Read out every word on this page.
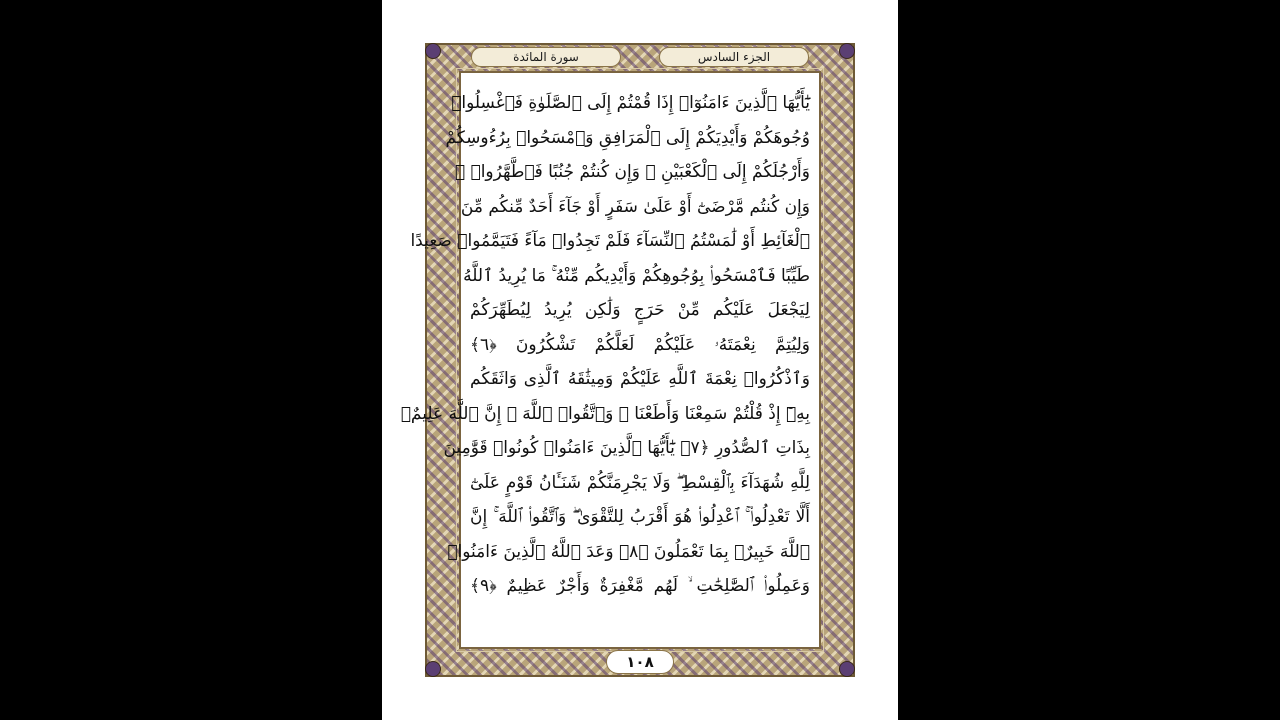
الجزء السادس
سورة المائدة
يَٰٓأَيُّهَا ٱلَّذِينَ ءَامَنُوٓا۟ إِذَا قُمْتُمْ إِلَى ٱلصَّلَوٰةِ فَٱغْسِلُوا۟
وُجُوهَكُمْ وَأَيْدِيَكُمْ إِلَى ٱلْمَرَافِقِ وَٱمْسَحُوا۟ بِرُءُوسِكُمْ
وَأَرْجُلَكُمْ إِلَى ٱلْكَعْبَيْنِ ۚ وَإِن كُنتُمْ جُنُبًا فَٱطَّهَّرُوا۟ ۚ
وَإِن كُنتُم مَّرْضَىٰٓ أَوْ عَلَىٰ سَفَرٍ أَوْ جَآءَ أَحَدٌ مِّنكُم مِّنَ
ٱلْغَآئِطِ أَوْ لَٰمَسْتُمُ ٱلنِّسَآءَ فَلَمْ تَجِدُوا۟ مَآءً فَتَيَمَّمُوا۟ صَعِيدًا
طَيِّبًا فَٱمْسَحُوا۟ بِوُجُوهِكُمْ وَأَيْدِيكُم مِّنْهُ ۚ مَا يُرِيدُ ٱللَّهُ
لِيَجْعَلَ عَلَيْكُم مِّنْ حَرَجٍ وَلَٰكِن يُرِيدُ لِيُطَهِّرَكُمْ
وَلِيُتِمَّ نِعْمَتَهُۥ عَلَيْكُمْ لَعَلَّكُمْ تَشْكُرُونَ ﴿٦﴾
وَٱذْكُرُوا۟ نِعْمَةَ ٱللَّهِ عَلَيْكُمْ وَمِيثَٰقَهُ ٱلَّذِى وَاثَقَكُم
بِهِۦٓ إِذْ قُلْتُمْ سَمِعْنَا وَأَطَعْنَا ۖ وَٱتَّقُوا۟ ٱللَّهَ ۚ إِنَّ ٱللَّهَ عَلِيمٌۢ
بِذَاتِ ٱلصُّدُورِ ﴿٧﴾ يَٰٓأَيُّهَا ٱلَّذِينَ ءَامَنُوا۟ كُونُوا۟ قَوَّٰمِينَ
لِلَّهِ شُهَدَآءَ بِٱلْقِسْطِ ۖ وَلَا يَجْرِمَنَّكُمْ شَنَـَٔانُ قَوْمٍ عَلَىٰٓ
أَلَّا تَعْدِلُوا۟ ۚ ٱعْدِلُوا۟ هُوَ أَقْرَبُ لِلتَّقْوَىٰ ۖ وَٱتَّقُوا۟ ٱللَّهَ ۚ إِنَّ
ٱللَّهَ خَبِيرٌۢ بِمَا تَعْمَلُونَ ﴿٨﴾ وَعَدَ ٱللَّهُ ٱلَّذِينَ ءَامَنُوا۟
وَعَمِلُوا۟ ٱلصَّٰلِحَٰتِ ۙ لَهُم مَّغْفِرَةٌ وَأَجْرٌ عَظِيمٌ ﴿٩﴾
١٠٨
